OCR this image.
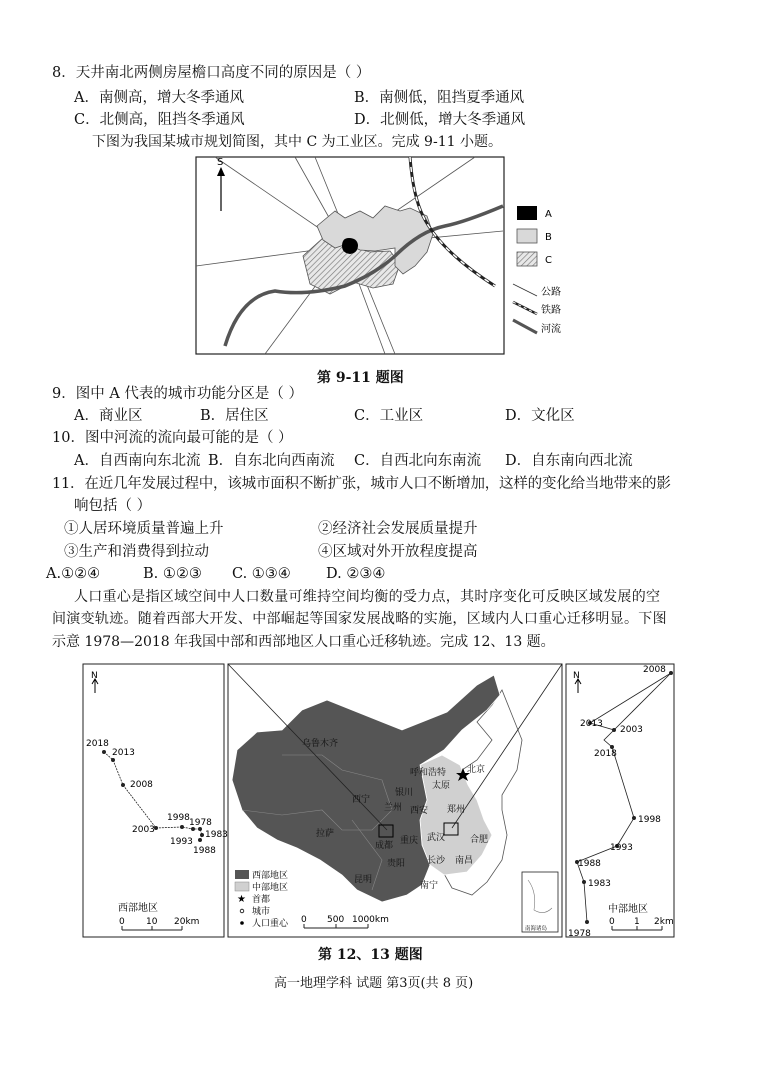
8．天井南北两侧房屋檐口高度不同的原因是（ ）
A．南侧高，增大冬季通风	B．南侧低，阻挡夏季通风
C．北侧高，阻挡冬季通风	D．北侧低，增大冬季通风
下图为我国某城市规划简图，其中 C 为工业区。完成 9-11 小题。
S
A
B
C
公路
铁路
河流
第 9-11 题图
9．图中 A 代表的城市功能分区是（ ）
A．商业区	B．居住区	C．工业区	D．文化区
10．图中河流的流向最可能的是（ ）
A．自西南向东北流 B．自东北向西南流 C．自西北向东南流 D．自东南向西北流
11．在近几年发展过程中，该城市面积不断扩张，城市人口不断增加，这样的变化给当地带来的影
响包括（ ）
①人居环境质量普遍上升	②经济社会发展质量提升
③生产和消费得到拉动	④区域对外开放程度提高
A.①②④	B. ①②③ C. ①③④ D. ②③④
人口重心是指区域空间中人口数量可维持空间均衡的受力点，其时序变化可反映区域发展的空
间演变轨迹。随着西部大开发、中部崛起等国家发展战略的实施，区域内人口重心迁移明显。下图
示意 1978—2018 年我国中部和西部地区人口重心迁移轨迹。完成 12、13 题。
N
2018
2013
2008
1998 1978
2003
1993
1983
1988
西部地区
0 10 20km
乌鲁木齐
呼和浩特 北京
太原
银川
西宁
兰州 西安 郑州
拉萨
成都 重庆 武汉	合肥
长沙 南昌
贵阳
昆明
南宁
西部地区
中部地区
★ 首都
城市
人口重心 0 500 1000km
南海诸岛
N
2008
2013
2003
2018
1998
1993
1988
1983
1978
中部地区
0 1 2km
第 12、13 题图
高一地理学科 试题 第3页(共 8 页)
